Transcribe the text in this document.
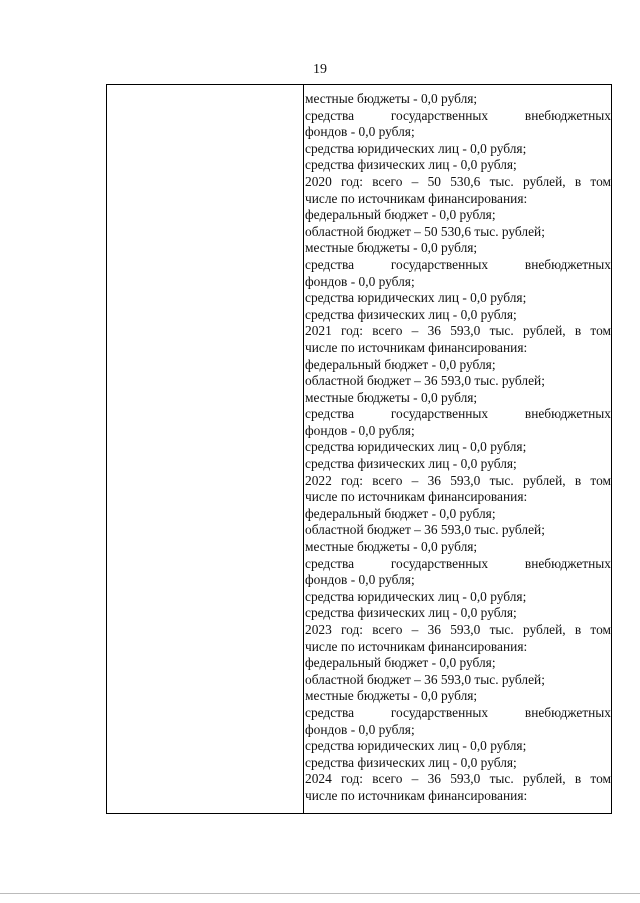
19
местные бюджеты - 0,0 рубля;
средства государственных внебюджетных
фондов - 0,0 рубля;
средства юридических лиц - 0,0 рубля;
средства физических лиц - 0,0 рубля;
2020 год: всего – 50 530,6 тыс. рублей, в том
числе по источникам финансирования:
федеральный бюджет - 0,0 рубля;
областной бюджет – 50 530,6 тыс. рублей;
местные бюджеты - 0,0 рубля;
средства государственных внебюджетных
фондов - 0,0 рубля;
средства юридических лиц - 0,0 рубля;
средства физических лиц - 0,0 рубля;
2021 год: всего – 36 593,0 тыс. рублей, в том
числе по источникам финансирования:
федеральный бюджет - 0,0 рубля;
областной бюджет – 36 593,0 тыс. рублей;
местные бюджеты - 0,0 рубля;
средства государственных внебюджетных
фондов - 0,0 рубля;
средства юридических лиц - 0,0 рубля;
средства физических лиц - 0,0 рубля;
2022 год: всего – 36 593,0 тыс. рублей, в том
числе по источникам финансирования:
федеральный бюджет - 0,0 рубля;
областной бюджет – 36 593,0 тыс. рублей;
местные бюджеты - 0,0 рубля;
средства государственных внебюджетных
фондов - 0,0 рубля;
средства юридических лиц - 0,0 рубля;
средства физических лиц - 0,0 рубля;
2023 год: всего – 36 593,0 тыс. рублей, в том
числе по источникам финансирования:
федеральный бюджет - 0,0 рубля;
областной бюджет – 36 593,0 тыс. рублей;
местные бюджеты - 0,0 рубля;
средства государственных внебюджетных
фондов - 0,0 рубля;
средства юридических лиц - 0,0 рубля;
средства физических лиц - 0,0 рубля;
2024 год: всего – 36 593,0 тыс. рублей, в том
числе по источникам финансирования:
